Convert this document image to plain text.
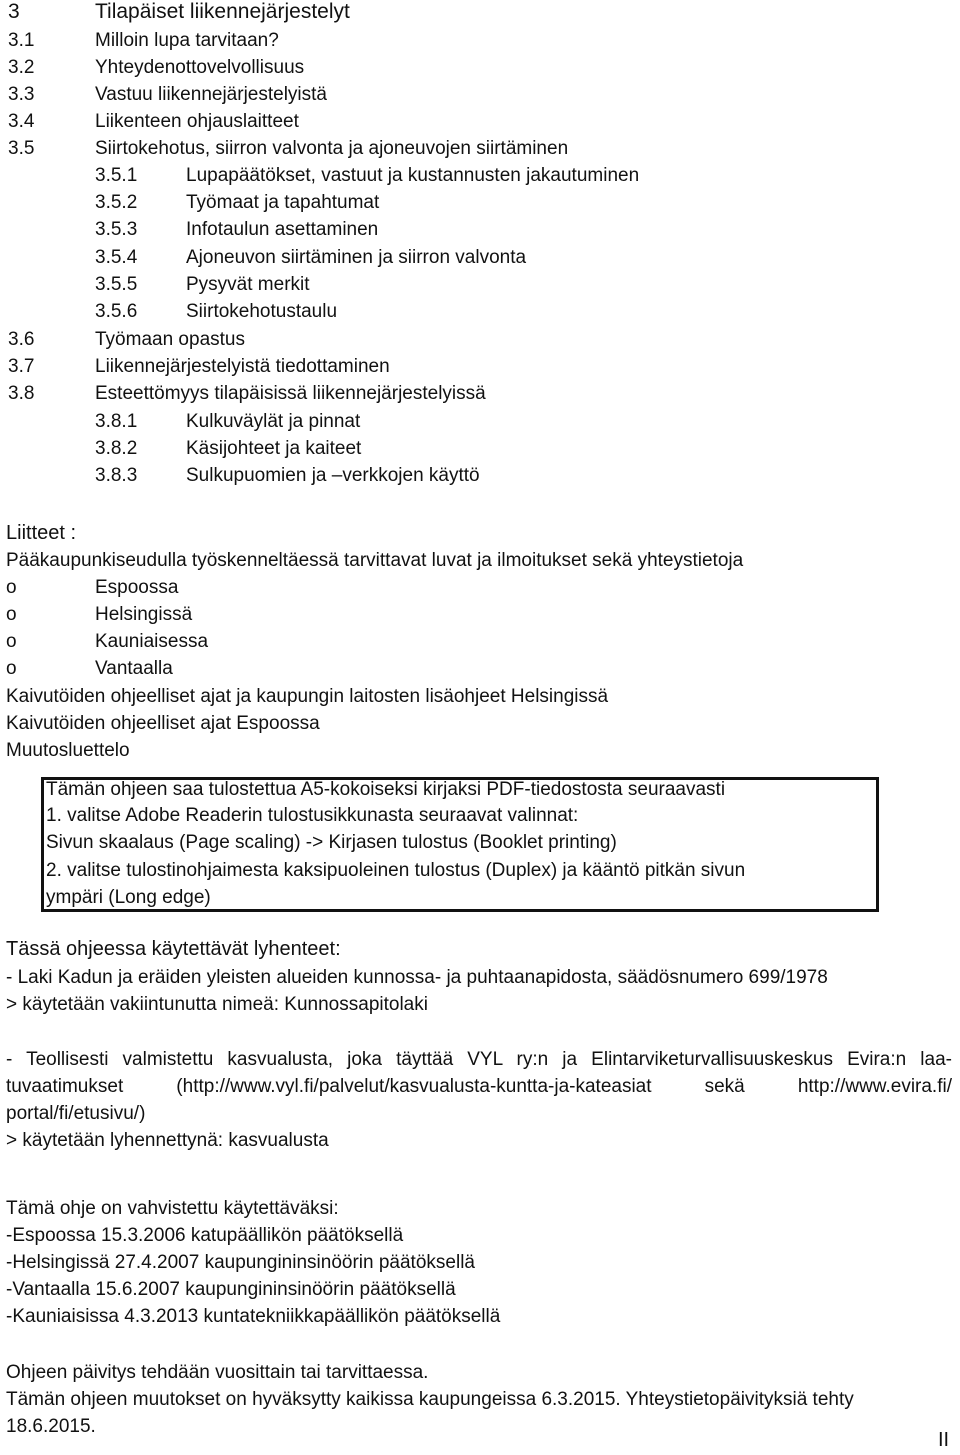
3	Tilapäiset liikennejärjestelyt
3.1	Milloin lupa tarvitaan?
3.2	Yhteydenottovelvollisuus
3.3	Vastuu liikennejärjestelyistä
3.4	Liikenteen ohjauslaitteet
3.5	Siirtokehotus, siirron valvonta ja ajoneuvojen siirtäminen
3.5.1	Lupapäätökset, vastuut ja kustannusten jakautuminen
3.5.2	Työmaat ja tapahtumat
3.5.3	Infotaulun asettaminen
3.5.4	Ajoneuvon siirtäminen ja siirron valvonta
3.5.5	Pysyvät merkit
3.5.6	Siirtokehotustaulu
3.6	Työmaan opastus
3.7	Liikennejärjestelyistä tiedottaminen
3.8	Esteettömyys tilapäisissä liikennejärjestelyissä
3.8.1	Kulkuväylät ja pinnat
3.8.2	Käsijohteet ja kaiteet
3.8.3	Sulkupuomien ja –verkkojen käyttö
Liitteet :
Pääkaupunkiseudulla työskenneltäessä tarvittavat luvat ja ilmoitukset sekä yhteystietoja
o	Espoossa
o	Helsingissä
o	Kauniaisessa
o	Vantaalla
Kaivutöiden ohjeelliset ajat ja kaupungin laitosten lisäohjeet Helsingissä
Kaivutöiden ohjeelliset ajat Espoossa
Muutosluettelo
Tämän ohjeen saa tulostettua A5-kokoiseksi kirjaksi PDF-tiedostosta seuraavasti
1. valitse Adobe Readerin tulostusikkunasta seuraavat valinnat:
Sivun skaalaus (Page scaling) -> Kirjasen tulostus (Booklet printing)
2. valitse tulostinohjaimesta kaksipuoleinen tulostus (Duplex) ja kääntö pitkän sivun
ympäri (Long edge)
Tässä ohjeessa käytettävät lyhenteet:
- Laki Kadun ja eräiden yleisten alueiden kunnossa- ja puhtaanapidosta, säädösnumero 699/1978
> käytetään vakiintunutta nimeä: Kunnossapitolaki
- Teollisesti valmistettu kasvualusta, joka täyttää VYL ry:n ja Elintarviketurvallisuuskeskus Evira:n laa-
tuvaatimukset (http://www.vyl.fi/palvelut/kasvualusta-kuntta-ja-kateasiat sekä http://www.evira.fi/
portal/fi/etusivu/)
> käytetään lyhennettynä: kasvualusta
Tämä ohje on vahvistettu käytettäväksi:
-Espoossa 15.3.2006 katupäällikön päätöksellä
-Helsingissä 27.4.2007 kaupungininsinöörin päätöksellä
-Vantaalla 15.6.2007 kaupungininsinöörin päätöksellä
-Kauniaisissa 4.3.2013 kuntatekniikkapäällikön päätöksellä
Ohjeen päivitys tehdään vuosittain tai tarvittaessa.
Tämän ohjeen muutokset on hyväksytty kaikissa kaupungeissa 6.3.2015. Yhteystietopäivityksiä tehty
18.6.2015.
II
